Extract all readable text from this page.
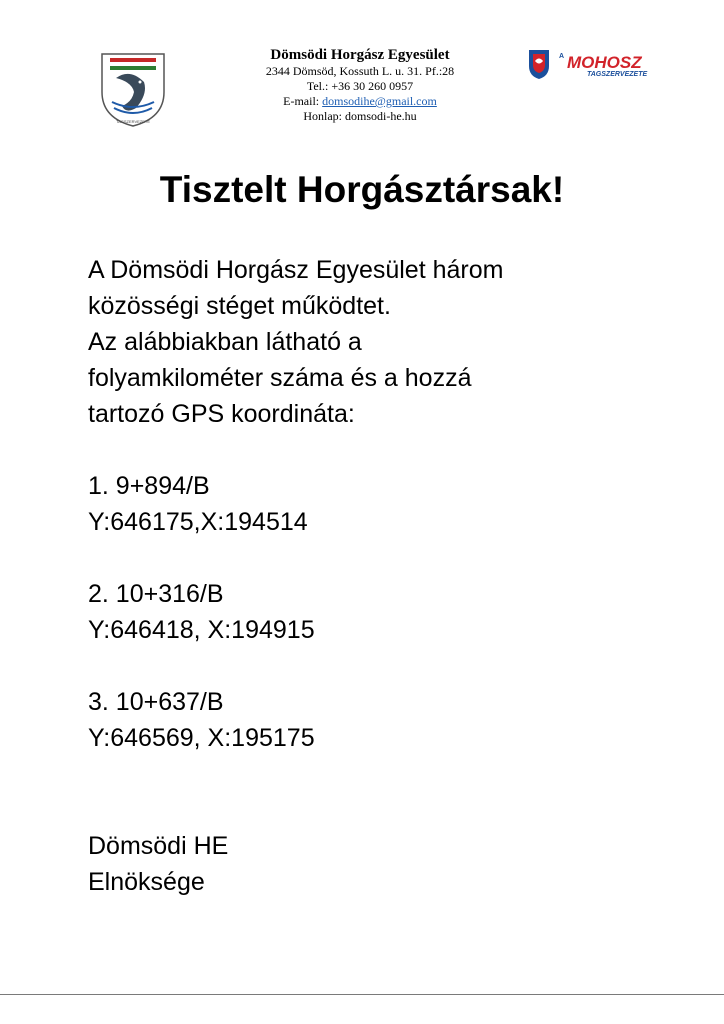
TAGSZERVEZETE
Dömsödi Horgász Egyesület
2344 Dömsöd, Kossuth L. u. 31. Pf.:28
Tel.: +36 30 260 0957
E-mail: domsodihe@gmail.com
Honlap: domsodi-he.hu
A MOHOSZ
TAGSZERVEZETE
Tisztelt Horgásztársak!

A Dömsödi Horgász Egyesület három

közösségi stéget működtet.

Az alábbiakban látható a

folyamkilométer száma és a hozzá

tartozó GPS koordináta:

1. 9+894/B

Y:646175,X:194514

2. 10+316/B

Y:646418, X:194915

3. 10+637/B

Y:646569, X:195175

Dömsödi HE

Elnöksége
